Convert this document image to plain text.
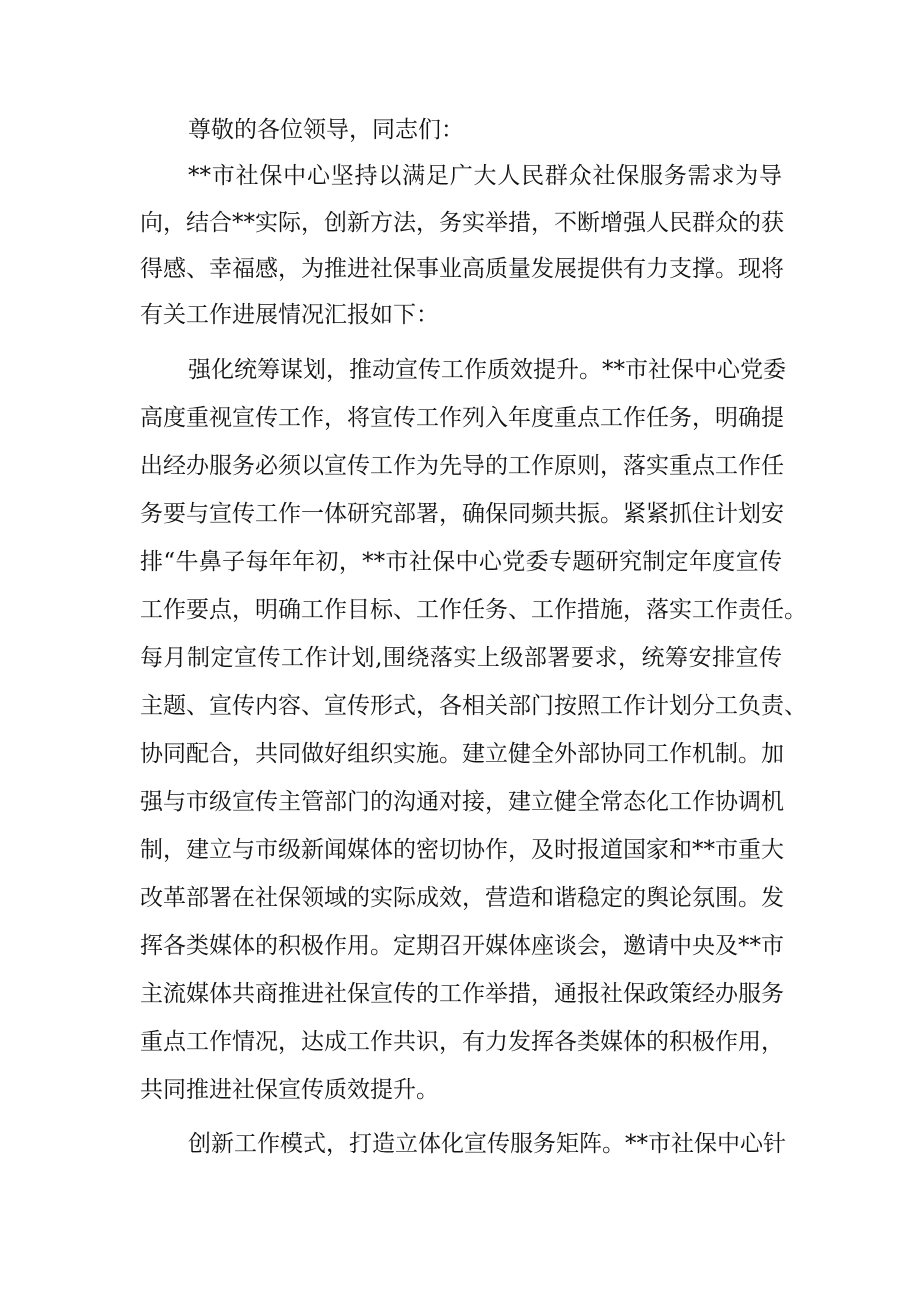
尊敬的各位领导，同志们：
**市社保中心坚持以满足广大人民群众社保服务需求为导
向，结合**实际，创新方法，务实举措，不断增强人民群众的获
得感、幸福感，为推进社保事业高质量发展提供有力支撑。现将
有关工作进展情况汇报如下：
强化统筹谋划，推动宣传工作质效提升。**市社保中心党委
高度重视宣传工作，将宣传工作列入年度重点工作任务，明确提
出经办服务必须以宣传工作为先导的工作原则，落实重点工作任
务要与宣传工作一体研究部署，确保同频共振。紧紧抓住计划安
排“牛鼻子每年年初，**市社保中心党委专题研究制定年度宣传
工作要点，明确工作目标、工作任务、工作措施，落实工作责任。
每月制定宣传工作计划,围绕落实上级部署要求，统筹安排宣传
主题、宣传内容、宣传形式，各相关部门按照工作计划分工负责、
协同配合，共同做好组织实施。建立健全外部协同工作机制。加
强与市级宣传主管部门的沟通对接，建立健全常态化工作协调机
制，建立与市级新闻媒体的密切协作，及时报道国家和**市重大
改革部署在社保领域的实际成效，营造和谐稳定的舆论氛围。发
挥各类媒体的积极作用。定期召开媒体座谈会，邀请中央及**市
主流媒体共商推进社保宣传的工作举措，通报社保政策经办服务
重点工作情况，达成工作共识，有力发挥各类媒体的积极作用，
共同推进社保宣传质效提升。
创新工作模式，打造立体化宣传服务矩阵。**市社保中心针
